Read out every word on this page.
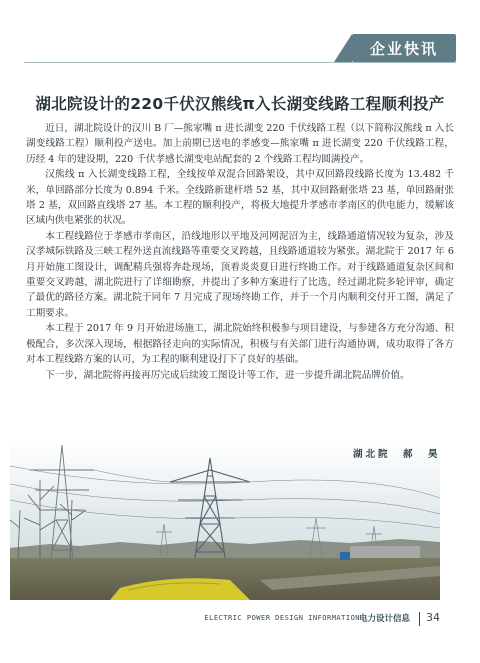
企业快讯
湖北院设计的220千伏汉熊线π入长湖变线路工程顺利投产

近日，湖北院设计的汉川 B 厂—熊家嘴 π 进长湖变 220 千伏线路工程（以下简称汉熊线 π 入长湖变线路工程）顺利投产送电。加上前期已送电的孝感变—熊家嘴 π 进长湖变 220 千伏线路工程，历经 4 年的建设期，220 千伏孝感长湖变电站配套的 2 个线路工程均圆满投产。

汉熊线 π 入长湖变线路工程，全线按单双混合回路架设，其中双回路段线路长度为 13.482 千米，单回路部分长度为 0.894 千米。全线路新建杆塔 52 基，其中双回路耐张塔 23 基，单回路耐张塔 2 基，双回路直线塔 27 基。本工程的顺利投产，将极大地提升孝感市孝南区的供电能力，缓解该区域内供电紧张的状况。

本工程线路位于孝感市孝南区，沿线地形以平地及河网泥沼为主，线路通道情况较为复杂，涉及汉孝城际铁路及三峡工程外送直流线路等重要交叉跨越，且线路通道较为紧张。湖北院于 2017 年 6 月开始施工图设计，调配精兵强将奔赴现场，顶着炎炎夏日进行终勘工作。对于线路通道复杂区间和重要交叉跨越，湖北院进行了详细勘察，并提出了多种方案进行了比选，经过湖北院多轮评审，确定了最优的路径方案。湖北院于同年 7 月完成了现场终勘工作，并于一个月内顺利交付开工图，满足了工期要求。

本工程于 2017 年 9 月开始进场施工，湖北院始终积极参与项目建设，与参建各方充分沟通、积极配合，多次深入现场，根据路径走向的实际情况，积极与有关部门进行沟通协调，成功取得了各方对本工程线路方案的认可，为工程的顺利建设打下了良好的基础。

下一步，湖北院将再接再厉完成后续竣工图设计等工作，进一步提升湖北院品牌价值。

湖北院　郝　昊
ELECTRIC POWER DESIGN INFORMATION
电力设计信息 34
